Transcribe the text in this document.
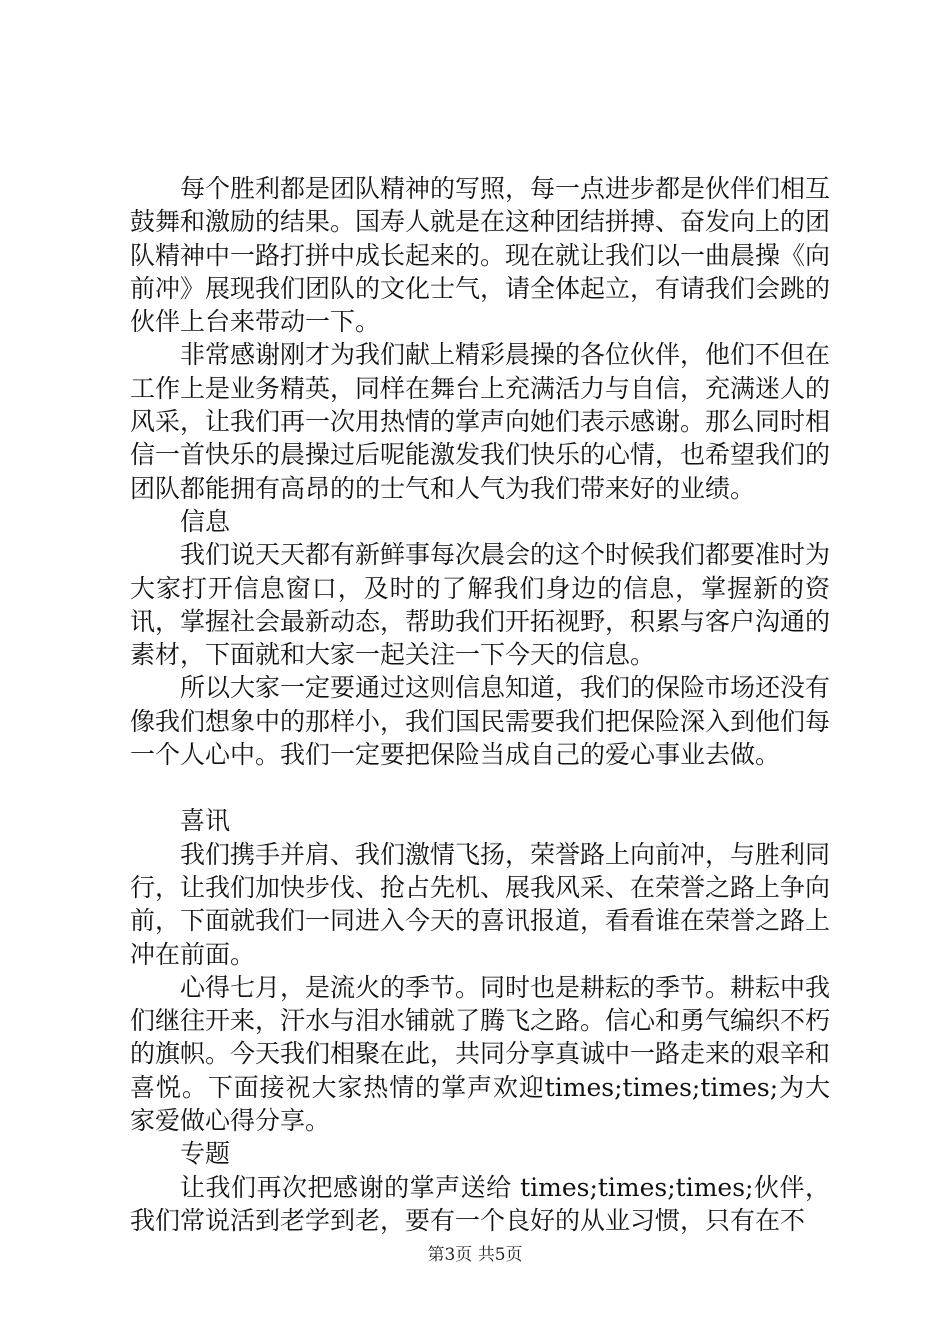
每个胜利都是团队精神的写照，每一点进步都是伙伴们相互鼓舞和激励的结果。国寿人就是在这种团结拼搏、奋发向上的团队精神中一路打拼中成长起来的。现在就让我们以一曲晨操《向前冲》展现我们团队的文化士气，请全体起立，有请我们会跳的伙伴上台来带动一下。

非常感谢刚才为我们献上精彩晨操的各位伙伴，他们不但在工作上是业务精英，同样在舞台上充满活力与自信，充满迷人的风采，让我们再一次用热情的掌声向她们表示感谢。那么同时相信一首快乐的晨操过后呢能激发我们快乐的心情，也希望我们的团队都能拥有高昂的的士气和人气为我们带来好的业绩。

信息

我们说天天都有新鲜事每次晨会的这个时候我们都要准时为大家打开信息窗口，及时的了解我们身边的信息，掌握新的资讯，掌握社会最新动态，帮助我们开拓视野，积累与客户沟通的素材，下面就和大家一起关注一下今天的信息。

所以大家一定要通过这则信息知道，我们的保险市场还没有像我们想象中的那样小，我们国民需要我们把保险深入到他们每一个人心中。我们一定要把保险当成自己的爱心事业去做。

喜讯

我们携手并肩、我们激情飞扬，荣誉路上向前冲，与胜利同行，让我们加快步伐、抢占先机、展我风采、在荣誉之路上争向前，下面就我们一同进入今天的喜讯报道，看看谁在荣誉之路上冲在前面。

心得七月，是流火的季节。同时也是耕耘的季节。耕耘中我们继往开来，汗水与泪水铺就了腾飞之路。信心和勇气编织不朽的旗帜。今天我们相聚在此，共同分享真诚中一路走来的艰辛和喜悦。下面接祝大家热情的掌声欢迎times;times;times;为大家爱做心得分享。

专题

让我们再次把感谢的掌声送给 times;times;times;伙伴，我们常说活到老学到老，要有一个良好的从业习惯，只有在不

第3页 共5页
